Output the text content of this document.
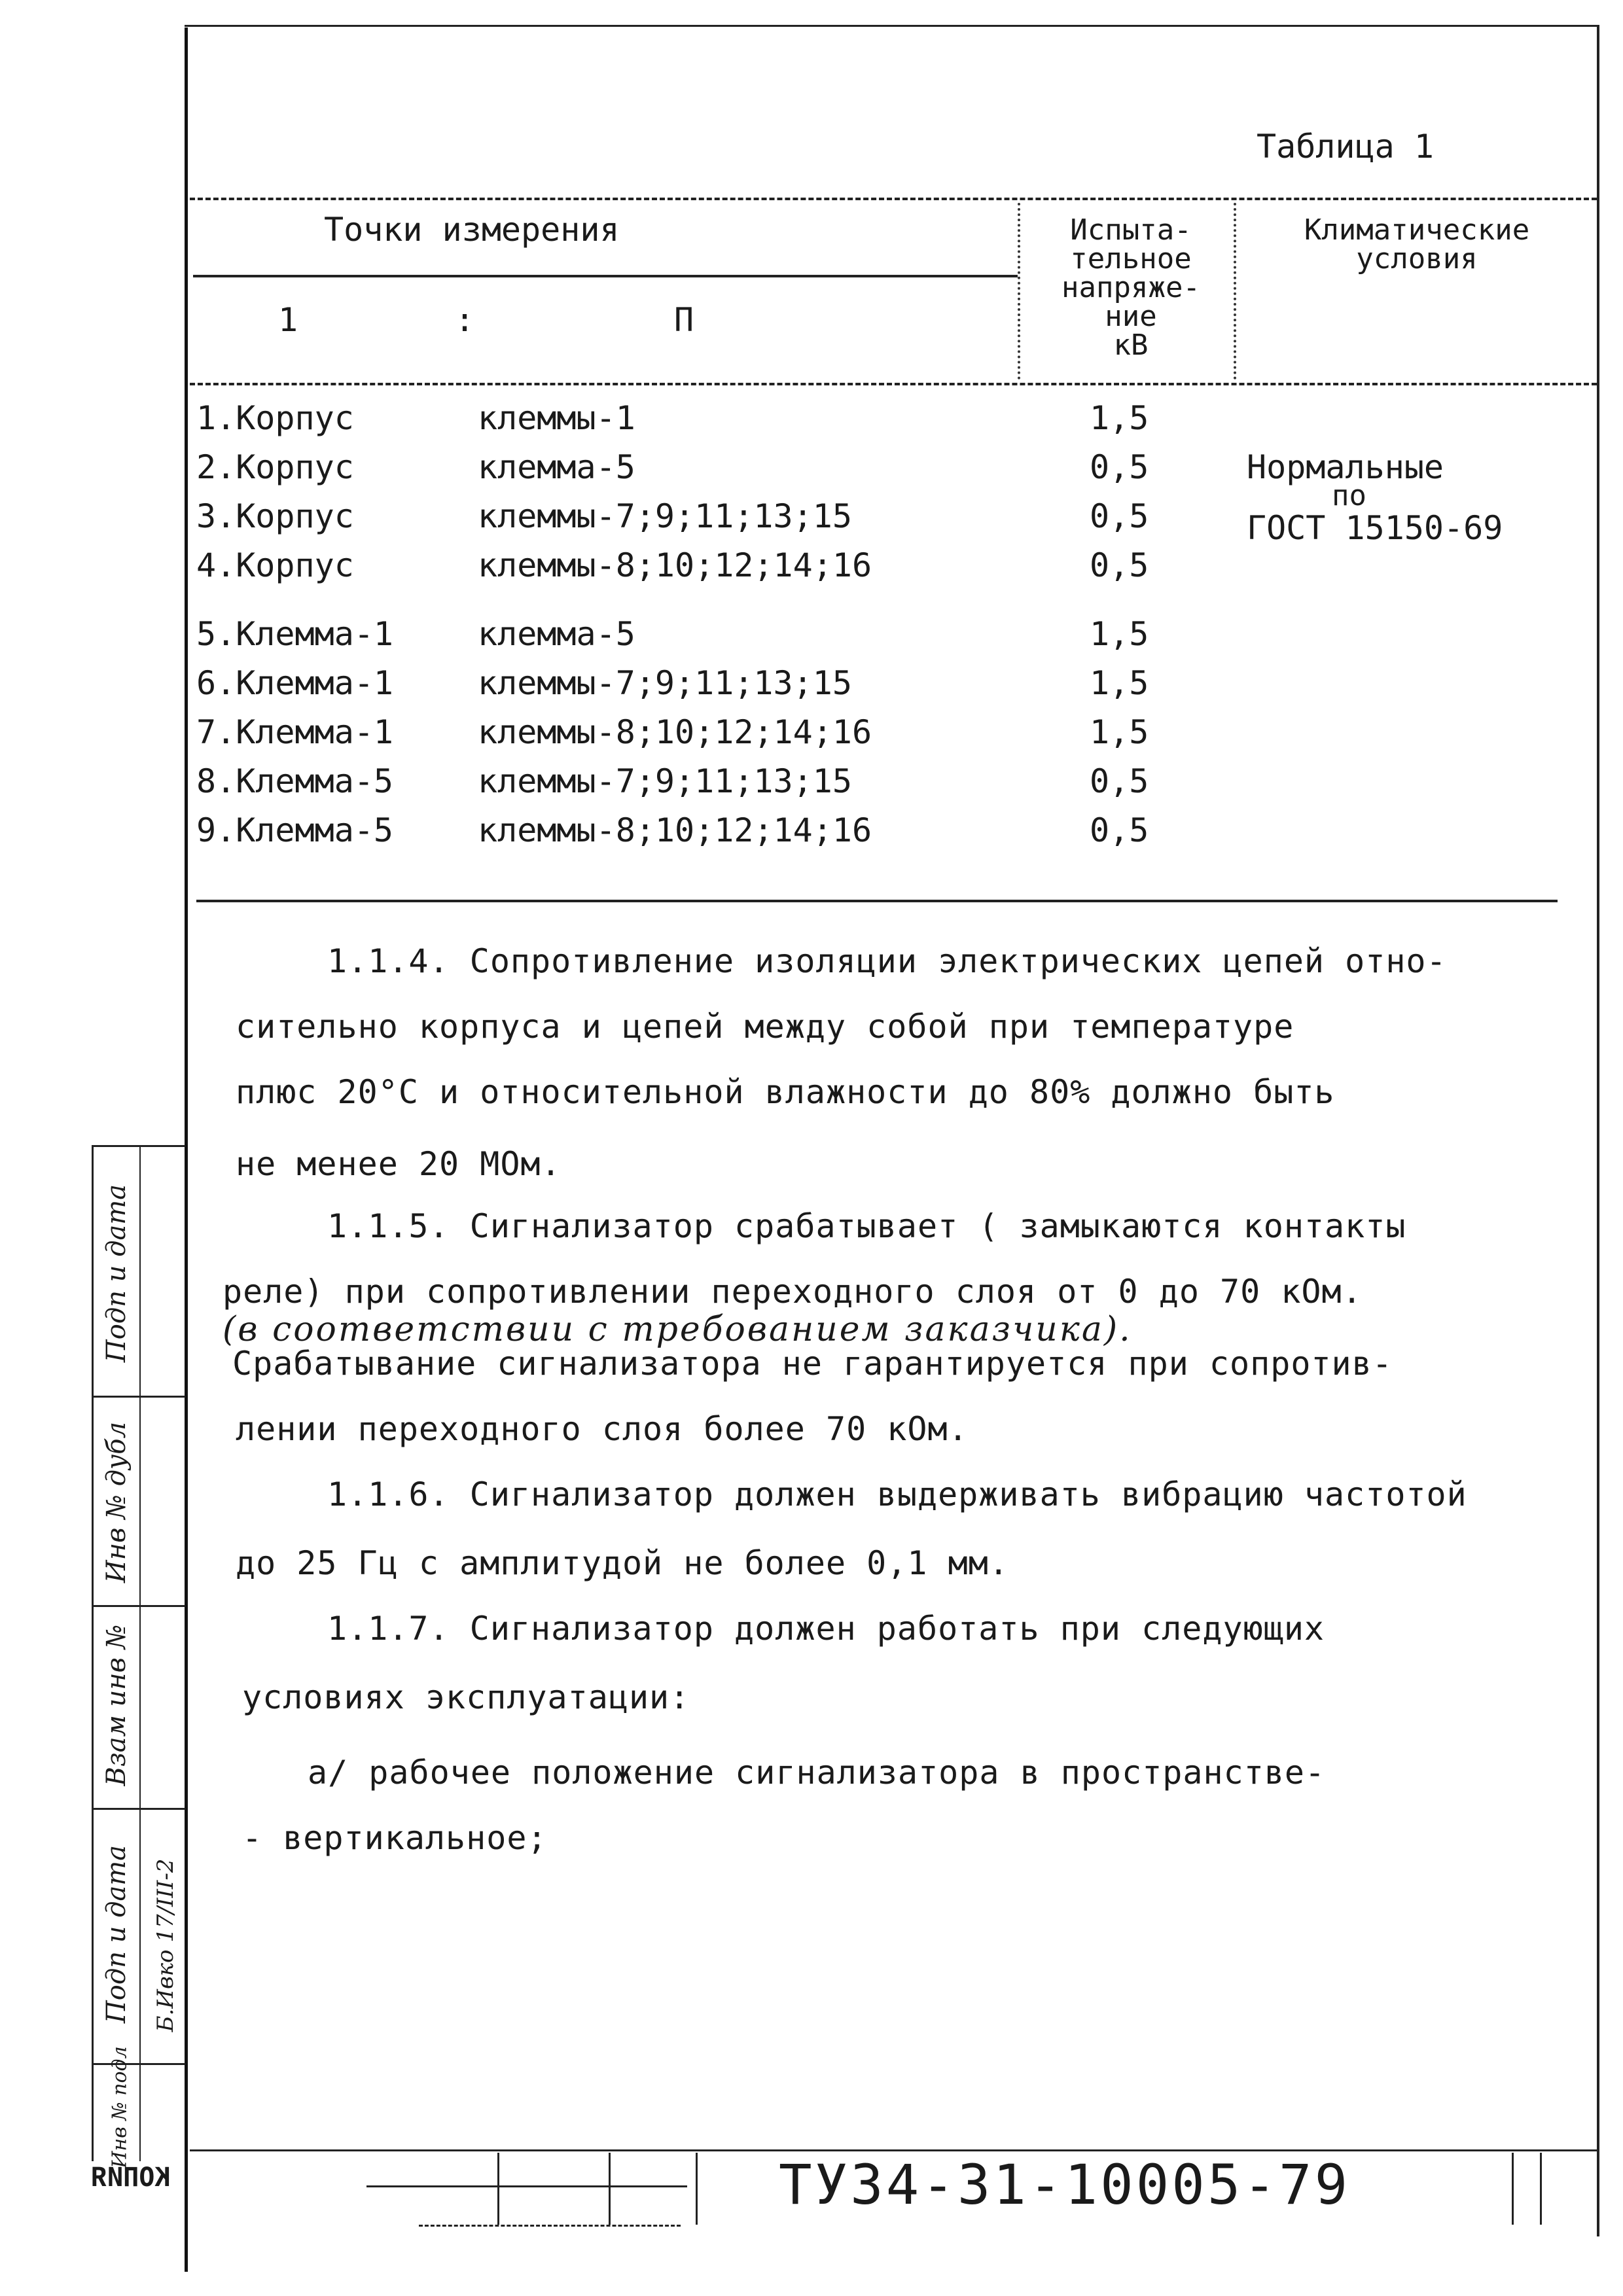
Таблица 1
Точки измерения
1	:	П
Испыта-
тельное
напряже-
ние
кВ
Климатические
условия
1.Корпус	клеммы-1	1,5
2.Корпус	клемма-5	0,5
3.Корпус	клеммы-7;9;11;13;15	0,5
4.Корпус	клеммы-8;10;12;14;16	0,5
5.Клемма-1	клемма-5	1,5
6.Клемма-1	клеммы-7;9;11;13;15	1,5
7.Клемма-1	клеммы-8;10;12;14;16	1,5
8.Клемма-5	клеммы-7;9;11;13;15	0,5
9.Клемма-5	клеммы-8;10;12;14;16	0,5
Нормальные
по
ГОСТ 15150-69
1.1.4. Сопротивление изоляции электрических цепей отно-
сительно корпуса и цепей между собой при температуре
плюс 20°С и относительной влажности до 80% должно быть
не менее 20 МОм.
1.1.5. Сигнализатор срабатывает ( замыкаются контакты
реле) при сопротивлении переходного слоя от 0 до 70 кОм.
(в соответствии с требованием заказчика).
Срабатывание сигнализатора не гарантируется при сопротив-
лении переходного слоя более 70 кОм.
1.1.6. Сигнализатор должен выдерживать вибрацию частотой
до 25 Гц с амплитудой не более 0,1 мм.
1.1.7. Сигнализатор должен работать при следующих
условиях эксплуатации:
а/ рабочее положение сигнализатора в пространстве-
- вертикальное;
Подп и дата
Инв № дубл
Взам инв №
Подп и дата
Инв № подл
Б.Ивко 17/III-2
КОПИЯ	ТУ34-31-10005-79
